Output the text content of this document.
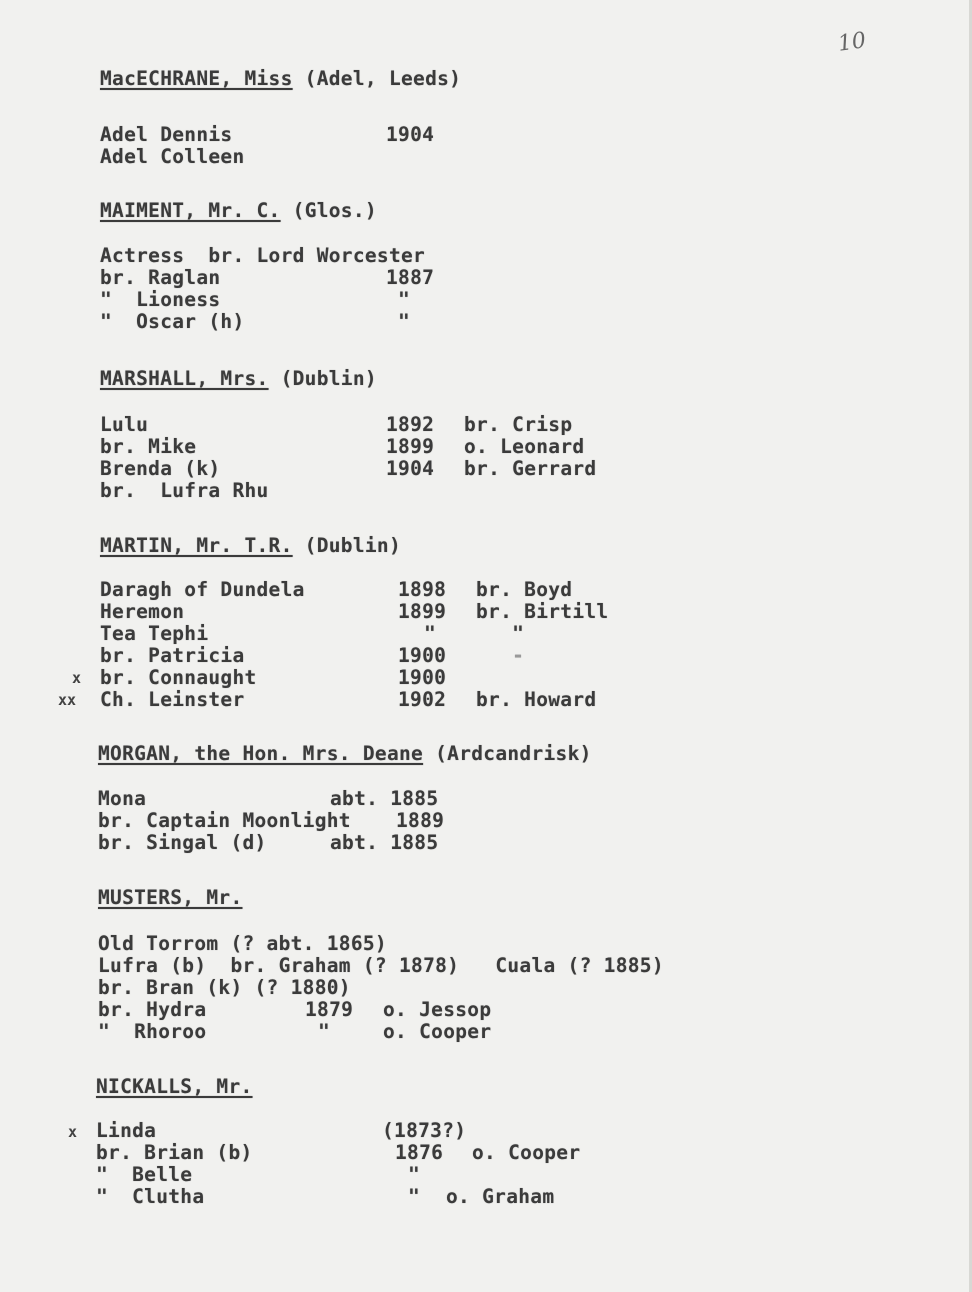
10
MacECHRANE, Miss (Adel, Leeds)
Adel Dennis	1904
Adel Colleen
MAIMENT, Mr. C. (Glos.)
Actress  br. Lord Worcester
br. Raglan	1887
"  Lioness	"
"  Oscar (h)	"
MARSHALL, Mrs. (Dublin)
Lulu	1892 br. Crisp
br. Mike	1899 o. Leonard
Brenda (k)	1904 br. Gerrard
br.  Lufra Rhu
MARTIN, Mr. T.R. (Dublin)
Daragh of Dundela	1898 br. Boyd
Heremon	1899 br. Birtill
Tea Tephi	" "
br. Patricia	1900 -
x br. Connaught	1900
xx Ch. Leinster	1902 br. Howard
MORGAN, the Hon. Mrs. Deane (Ardcandrisk)
Mona	abt. 1885
br. Captain Moonlight 1889
br. Singal (d)	abt. 1885
MUSTERS, Mr.
Old Torrom (? abt. 1865)
Lufra (b)  br. Graham (? 1878)   Cuala (? 1885)
br. Bran (k) (? 1880)
br. Hydra	1879 o. Jessop
"  Rhoroo	"	o. Cooper
NICKALLS, Mr.
x Linda	(1873?)
br. Brian (b)	1876 o. Cooper
"  Belle	"
"  Clutha	" o. Graham
